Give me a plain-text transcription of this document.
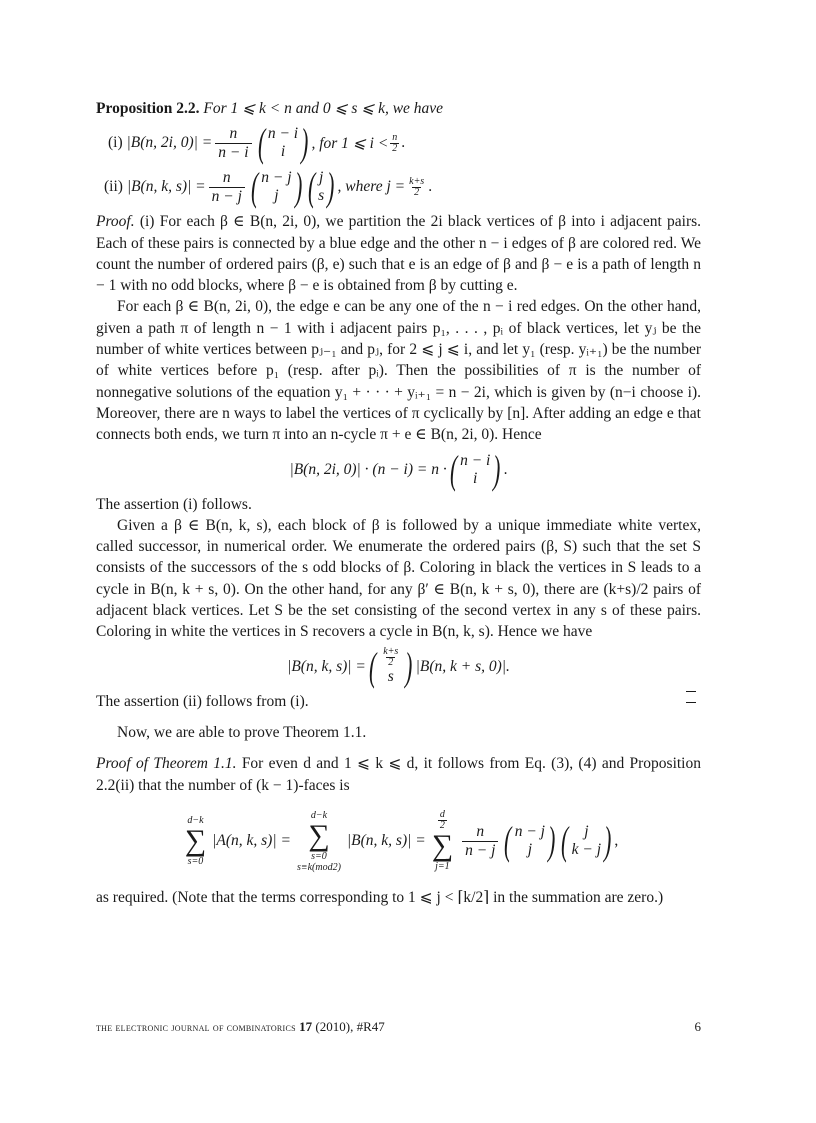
Proposition 2.2. For 1 ⩽ k < n and 0 ⩽ s ⩽ k, we have

(i)
|B(n, 2i, $0)| = \frac{n}{n - i}$ ( n − i
i ) , for 1 ⩽ $i < \frac{n}{2}$ .
(ii)
|B(n, k, $s)| = \frac{n}{n - j}$ ( n − j
j ) ( j
s ) , where $j = \frac{k+s}{2}$ .

Proof. (i) For each β ∈ B(n, 2i, 0), we partition the 2i black vertices of β into i adjacent pairs. Each of these pairs is connected by a blue edge and the other n − i edges of β are colored red. We count the number of ordered pairs (β, e) such that e is an edge of β and β − e is a path of length n − 1 with no odd blocks, where β − e is obtained from β by cutting e.

For each β ∈ B(n, 2i, 0), the edge e can be any one of the n − i red edges. On the other hand, given a path π of length n − 1 with i adjacent pairs p₁, . . . , pᵢ of black vertices, let yⱼ be the number of white vertices between pⱼ₋₁ and pⱼ, for 2 ⩽ j ⩽ i, and let y₁ (resp. yᵢ₊₁) be the number of white vertices before p₁ (resp. after pᵢ). Then the possibilities of π is the number of nonnegative solutions of the equation y₁ + · · · + yᵢ₊₁ = n − 2i, which is given by (n−i choose i). Moreover, there are n ways to label the vertices of π cyclically by [n]. After adding an edge e that connects both ends, we turn π into an n-cycle π + e ∈ B(n, 2i, 0). Hence

|B(n, 2i, 0)| · (n − i) = n · ( n − i
i ) .

The assertion (i) follows.

Given a β ∈ B(n, k, s), each block of β is followed by a unique immediate white vertex, called successor, in numerical order. We enumerate the ordered pairs (β, S) such that the set S consists of the successors of the s odd blocks of β. Coloring in black the vertices in S leads to a cycle in B(n, k + s, 0). On the other hand, for any β′ ∈ B(n, k + s, 0), there are (k+s)/2 pairs of adjacent black vertices. Let S be the set consisting of the second vertex in any s of these pairs. Coloring in white the vertices in S recovers a cycle in B(n, k, s). Hence we have

|B(n, k, s)| = ( $\frac{k+s}{2}$
s ) |B(n, k + s, 0)|.

The assertion (ii) follows from (i).

Now, we are able to prove Theorem 1.1.

Proof of Theorem 1.1. For even d and 1 ⩽ k ⩽ d, it follows from Eq. (3), (4) and Proposition 2.2(ii) that the number of (k − 1)-faces is

d−k
∑
s=0
|A(n, k, s)| =
d−k
∑
s=0
s≡k(mod2)
|B(n, k, s)| =
$\frac{d}{2}$
∑
j=1
$\frac{n}{n - j}$ ( n − j
j ) ( j
k − j ) ,

as required. (Note that the terms corresponding to 1 ⩽ j < ⌈k/2⌉ in the summation are zero.)

the electronic journal of combinatorics 17 (2010), #R47	6
